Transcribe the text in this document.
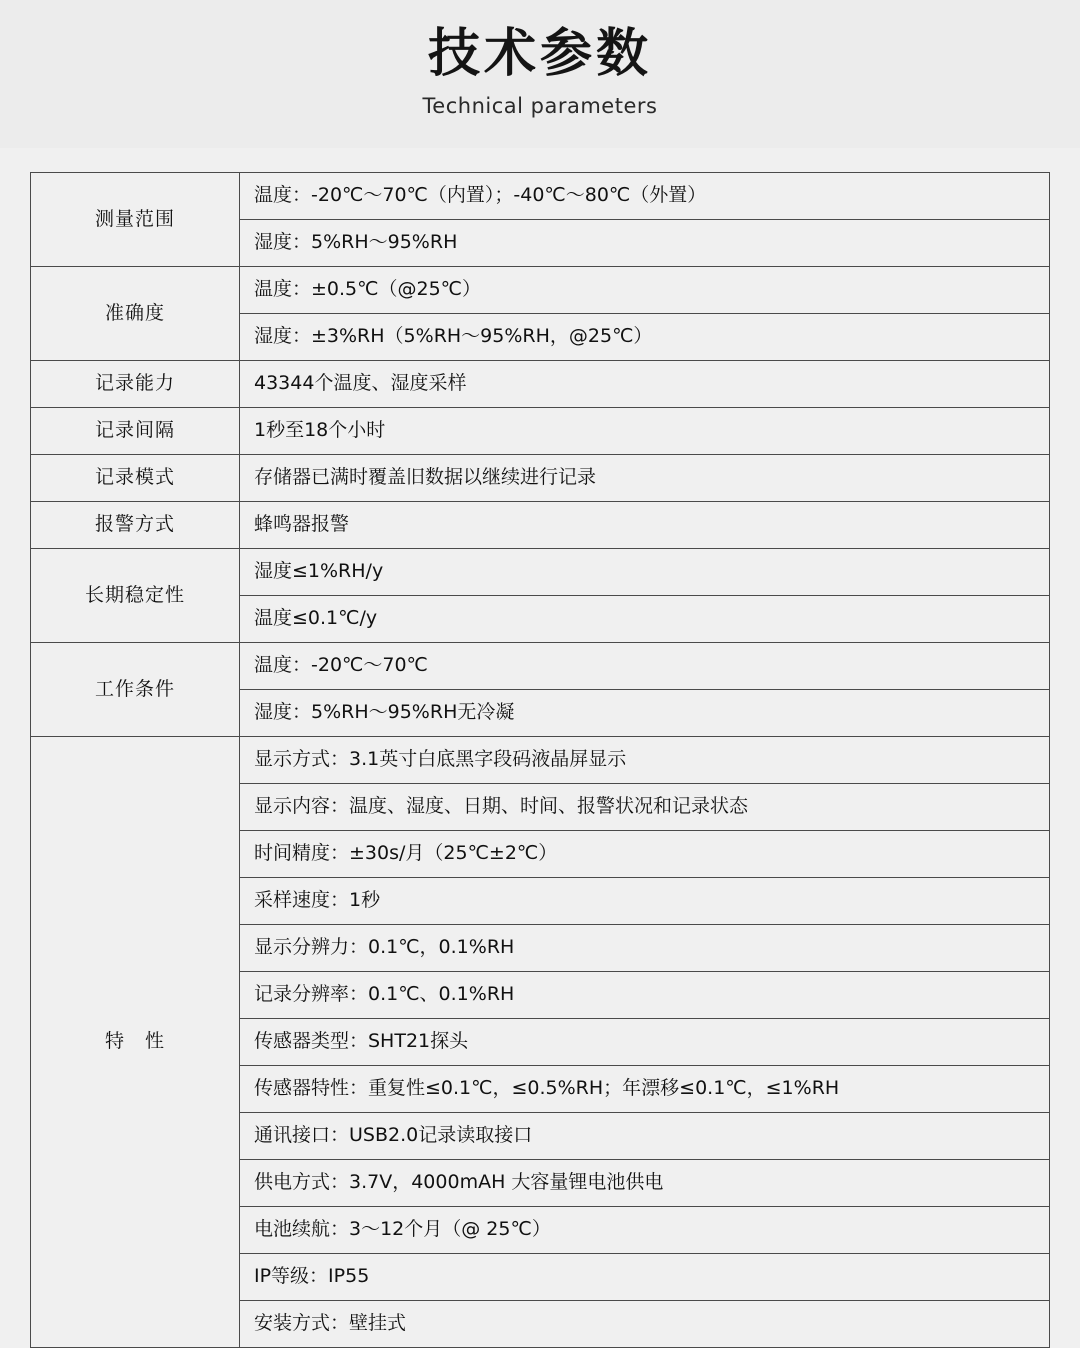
技术参数
Technical parameters
测量范围	温度：-20℃～70℃（内置）；-40℃～80℃（外置）
	湿度：5%RH～95%RH
准确度	温度：±0.5℃（@25℃）
	湿度：±3%RH（5%RH～95%RH，@25℃）
记录能力	43344个温度、湿度采样
记录间隔	1秒至18个小时
记录模式	存储器已满时覆盖旧数据以继续进行记录
报警方式	蜂鸣器报警
长期稳定性	湿度≤1%RH/y
	温度≤0.1℃/y
工作条件	温度：-20℃～70℃
	湿度：5%RH～95%RH无冷凝
特　性	显示方式：3.1英寸白底黑字段码液晶屏显示
	显示内容：温度、湿度、日期、时间、报警状况和记录状态
	时间精度：±30s/月（25℃±2℃）
	采样速度：1秒
	显示分辨力：0.1℃，0.1%RH
	记录分辨率：0.1℃、0.1%RH
	传感器类型：SHT21探头
	传感器特性：重复性≤0.1℃，≤0.5%RH；年漂移≤0.1℃，≤1%RH
	通讯接口：USB2.0记录读取接口
	供电方式：3.7V，4000mAH 大容量锂电池供电
	电池续航：3～12个月（@ 25℃）
	IP等级：IP55
	安装方式：壁挂式
